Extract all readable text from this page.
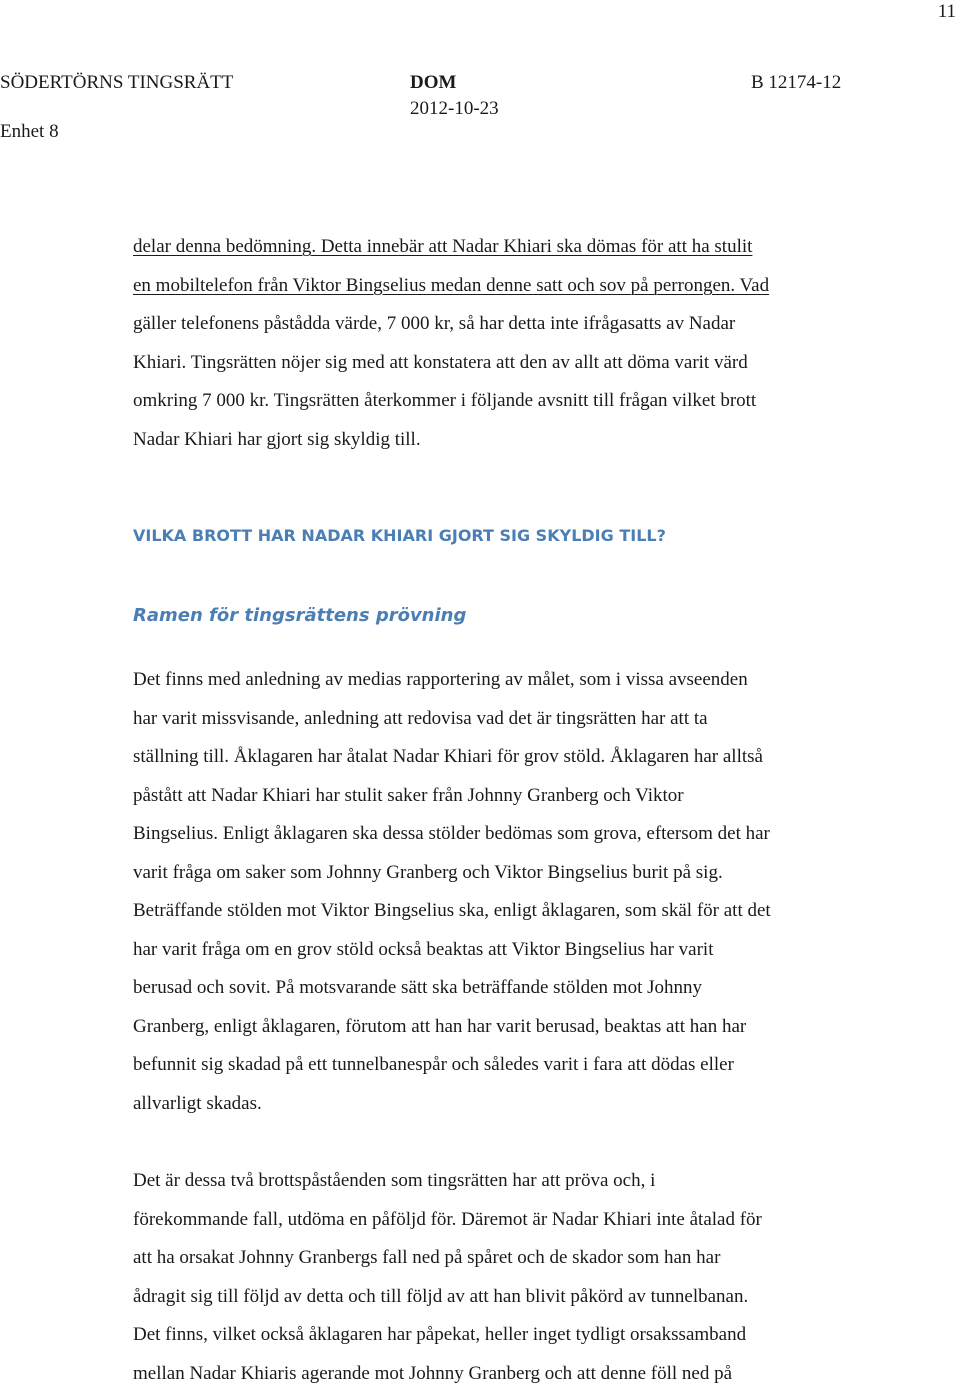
11
SÖDERTÖRNS TINGSRÄTT
Enhet 8
DOM
2012-10-23
B 12174-12

delar denna bedömning. Detta innebär att Nadar Khiari ska dömas för att ha stulit
en mobiltelefon från Viktor Bingselius medan denne satt och sov på perrongen. Vad
gäller telefonens påstådda värde, 7 000 kr, så har detta inte ifrågasatts av Nadar
Khiari. Tingsrätten nöjer sig med att konstatera att den av allt att döma varit värd
omkring 7 000 kr. Tingsrätten återkommer i följande avsnitt till frågan vilket brott
Nadar Khiari har gjort sig skyldig till.

VILKA BROTT HAR NADAR KHIARI GJORT SIG SKYLDIG TILL?
Ramen för tingsrättens prövning

Det finns med anledning av medias rapportering av målet, som i vissa avseenden
har varit missvisande, anledning att redovisa vad det är tingsrätten har att ta
ställning till. Åklagaren har åtalat Nadar Khiari för grov stöld. Åklagaren har alltså
påstått att Nadar Khiari har stulit saker från Johnny Granberg och Viktor
Bingselius. Enligt åklagaren ska dessa stölder bedömas som grova, eftersom det har
varit fråga om saker som Johnny Granberg och Viktor Bingselius burit på sig.
Beträffande stölden mot Viktor Bingselius ska, enligt åklagaren, som skäl för att det
har varit fråga om en grov stöld också beaktas att Viktor Bingselius har varit
berusad och sovit. På motsvarande sätt ska beträffande stölden mot Johnny
Granberg, enligt åklagaren, förutom att han har varit berusad, beaktas att han har
befunnit sig skadad på ett tunnelbanespår och således varit i fara att dödas eller
allvarligt skadas.

Det är dessa två brottspåståenden som tingsrätten har att pröva och, i
förekommande fall, utdöma en påföljd för. Däremot är Nadar Khiari inte åtalad för
att ha orsakat Johnny Granbergs fall ned på spåret och de skador som han har
ådragit sig till följd av detta och till följd av att han blivit påkörd av tunnelbanan.
Det finns, vilket också åklagaren har påpekat, heller inget tydligt orsakssamband
mellan Nadar Khiaris agerande mot Johnny Granberg och att denne föll ned på
